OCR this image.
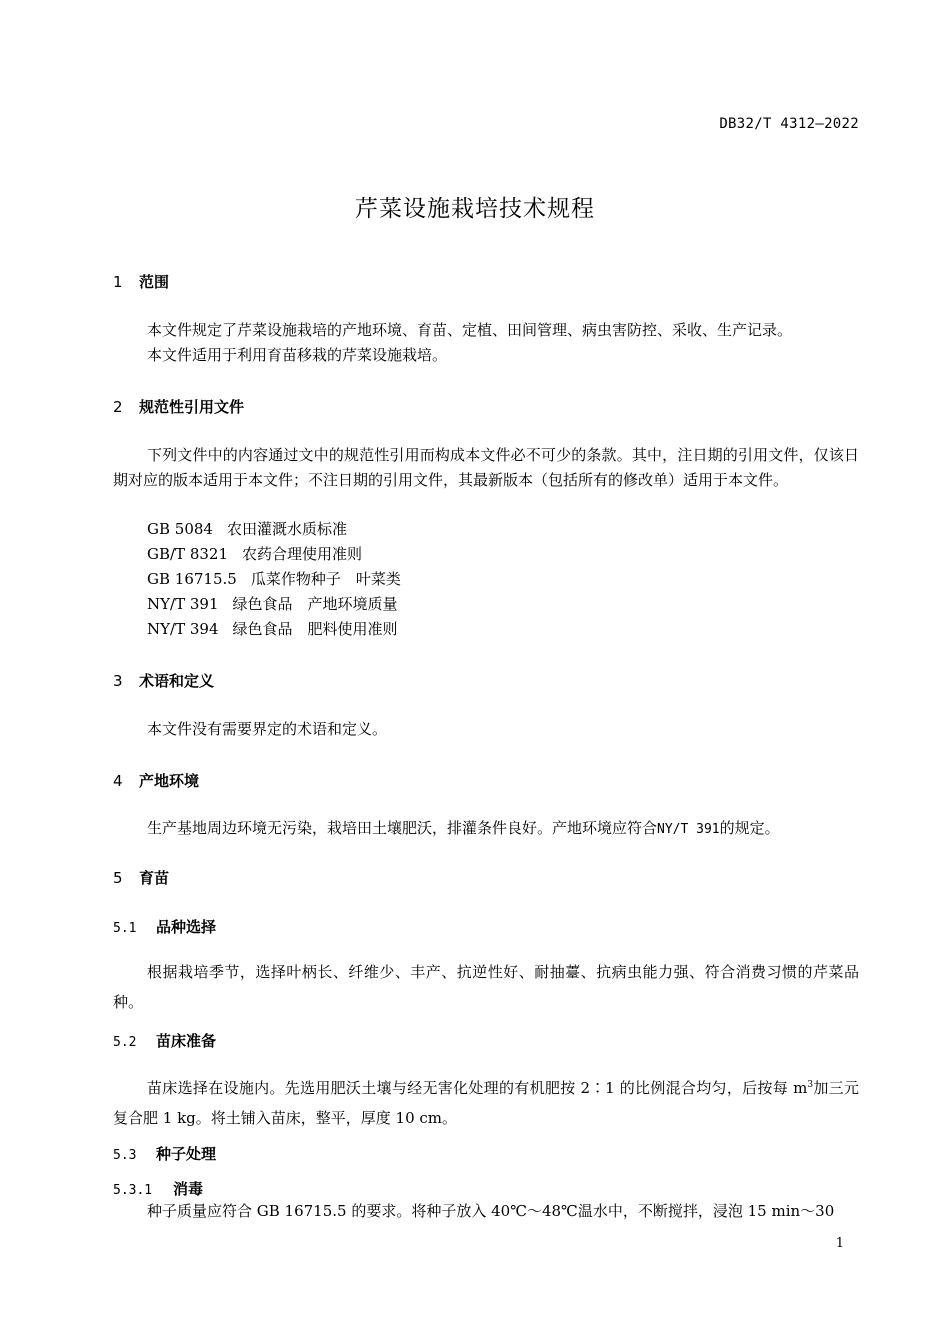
DB32/T 4312—2022
芹菜设施栽培技术规程
1 范围
本文件规定了芹菜设施栽培的产地环境、育苗、定植、田间管理、病虫害防控、采收、生产记录。
本文件适用于利用育苗移栽的芹菜设施栽培。
2 规范性引用文件
下列文件中的内容通过文中的规范性引用而构成本文件必不可少的条款。其中，注日期的引用文件，仅该日期对应的版本适用于本文件；不注日期的引用文件，其最新版本（包括所有的修改单）适用于本文件。
GB 5084 农田灌溉水质标准
GB/T 8321 农药合理使用准则
GB 16715.5 瓜菜作物种子　叶菜类
NY/T 391 绿色食品　产地环境质量
NY/T 394 绿色食品　肥料使用准则
3 术语和定义
本文件没有需要界定的术语和定义。
4 产地环境
生产基地周边环境无污染，栽培田土壤肥沃，排灌条件良好。产地环境应符合NY/T 391的规定。
5 育苗
5.1 品种选择
根据栽培季节，选择叶柄长、纤维少、丰产、抗逆性好、耐抽薹、抗病虫能力强、符合消费习惯的芹菜品种。
5.2 苗床准备
苗床选择在设施内。先选用肥沃土壤与经无害化处理的有机肥按 2∶1 的比例混合均匀，后按每 $m^3$加三元复合肥 1 kg。将土铺入苗床，整平，厚度 10 cm。
5.3 种子处理
5.3.1 消毒
种子质量应符合 GB 16715.5 的要求。将种子放入 40℃～48℃温水中，不断搅拌，浸泡 15 min～30
1
